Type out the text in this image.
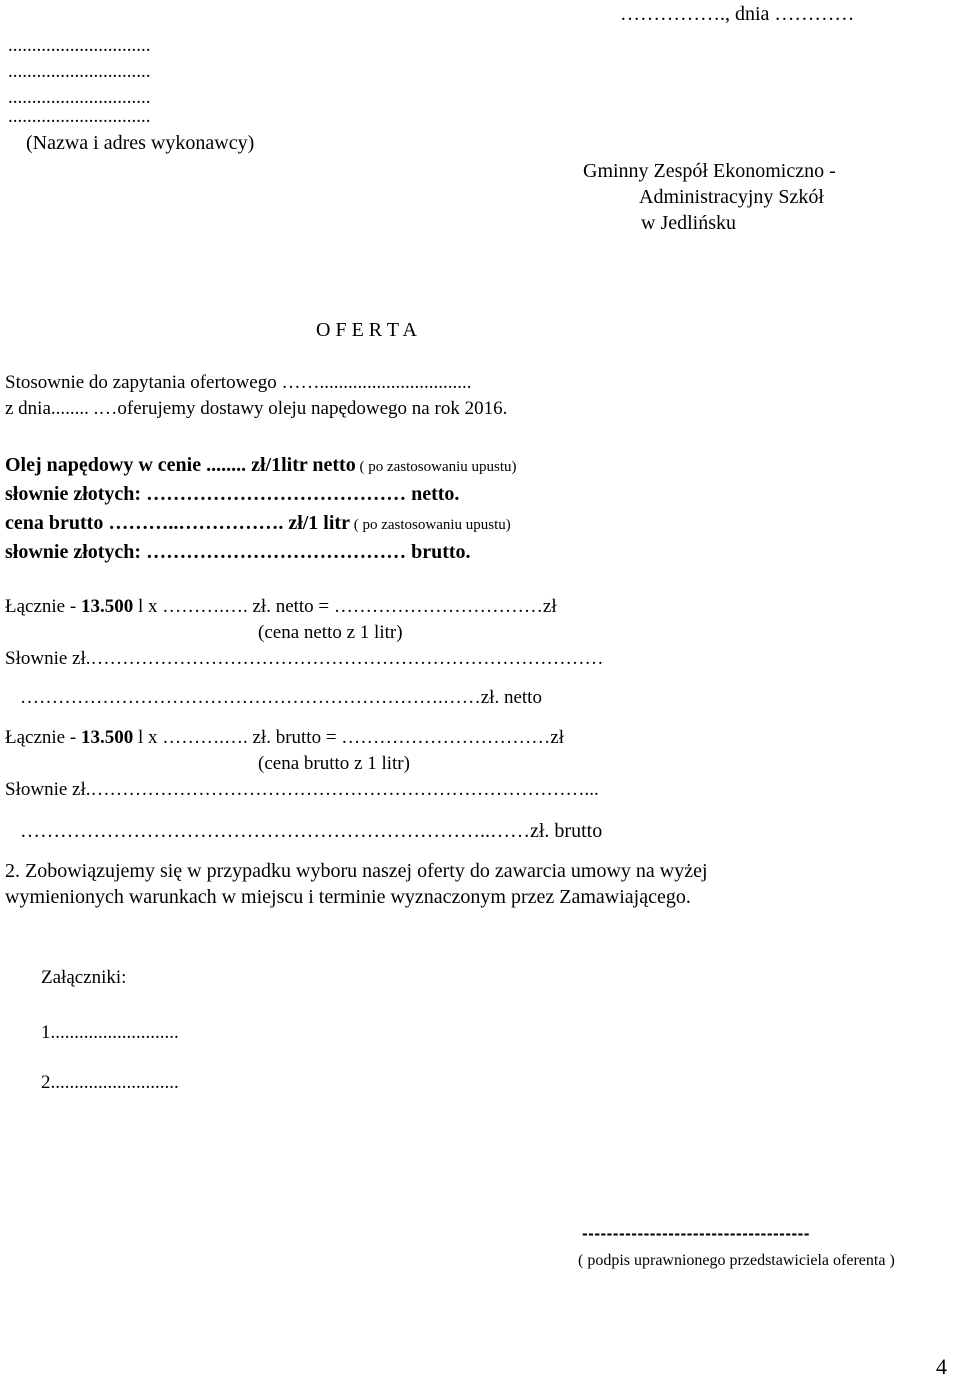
……………., dnia …………
..............................
..............................
..............................
..............................
(Nazwa i adres wykonawcy)
Gminny Zespół Ekonomiczno -
Administracyjny Szkół
w Jedlińsku
O F E R T A
Stosownie do zapytania ofertowego ……................................
z dnia........ .…oferujemy dostawy oleju napędowego na rok 2016.
Olej napędowy w cenie ........ zł/1litr netto ( po zastosowaniu upustu)
słownie złotych: ………………………………… netto.
cena brutto ………..……………. zł/1 litr ( po zastosowaniu upustu)
słownie złotych: ………………………………… brutto.
Łącznie - 13.500 l x ……….…. zł. netto = ……………………………zł
(cena netto z 1 litr)
Słownie zł.………………………………………………………………………
………………………………………………………….……zł. netto
Łącznie - 13.500 l x ……….…. zł. brutto = ……………………………zł
(cena brutto z 1 litr)
Słownie zł.……………………………………………………………………...
……………………………………………………………..……zł. brutto
2. Zobowiązujemy się w przypadku wyboru naszej oferty do zawarcia umowy na wyżej
wymienionych warunkach w miejscu i terminie wyznaczonym przez Zamawiającego.
Załączniki:
1...........................
2...........................
-------------------------------------
( podpis uprawnionego przedstawiciela oferenta )
4
